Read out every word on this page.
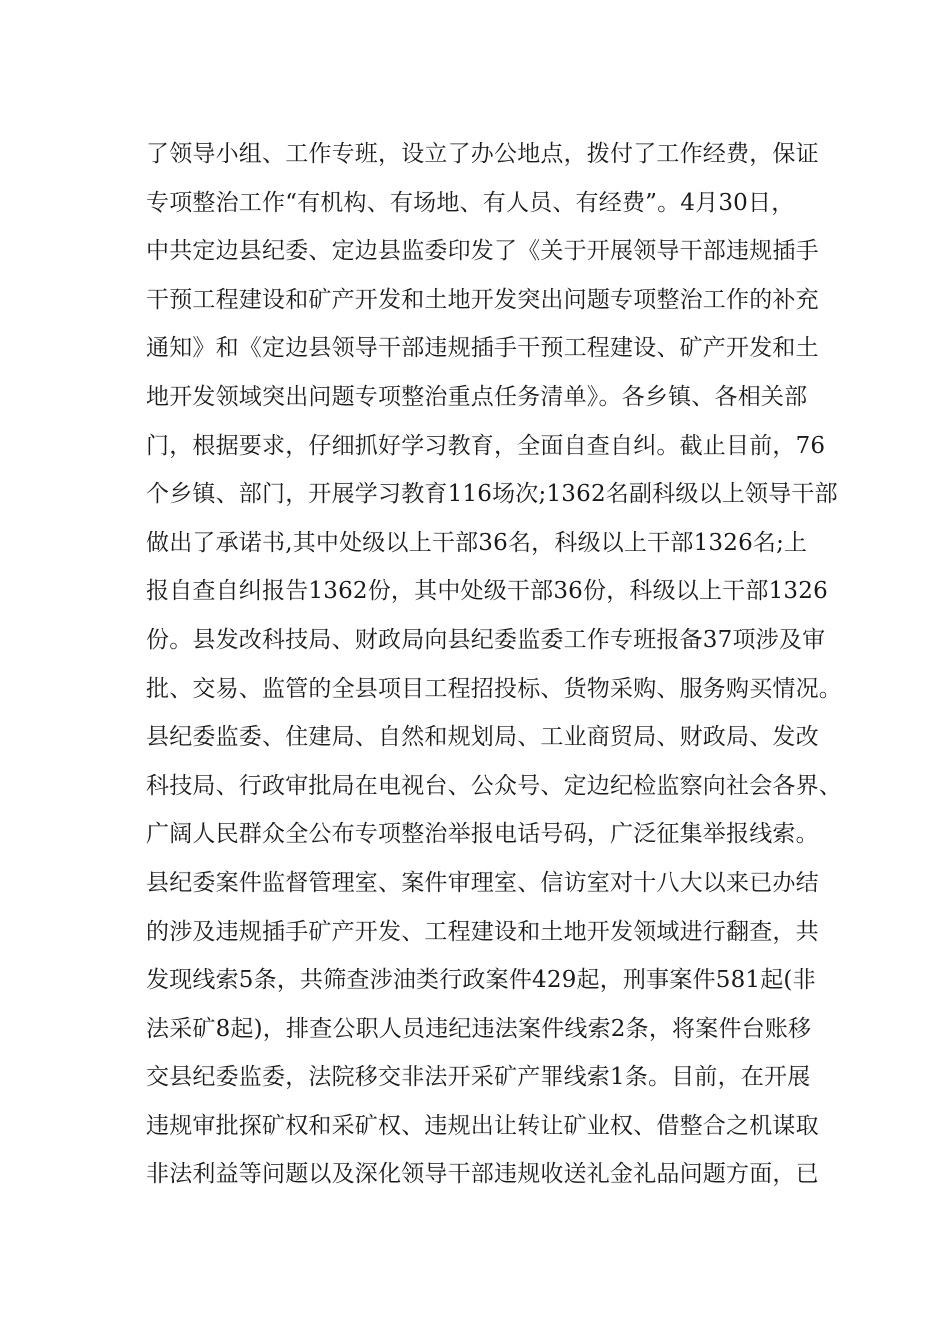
了领导小组、工作专班，设立了办公地点，拨付了工作经费，保证
专项整治工作“有机构、有场地、有人员、有经费”。4月30日，
中共定边县纪委、定边县监委印发了《关于开展领导干部违规插手
干预工程建设和矿产开发和土地开发突出问题专项整治工作的补充
通知》和《定边县领导干部违规插手干预工程建设、矿产开发和土
地开发领域突出问题专项整治重点任务清单》。各乡镇、各相关部
门，根据要求，仔细抓好学习教育，全面自查自纠。截止目前，76
个乡镇、部门，开展学习教育116场次;1362名副科级以上领导干部
做出了承诺书,其中处级以上干部36名，科级以上干部1326名;上
报自查自纠报告1362份，其中处级干部36份，科级以上干部1326
份。县发改科技局、财政局向县纪委监委工作专班报备37项涉及审
批、交易、监管的全县项目工程招投标、货物采购、服务购买情况。
县纪委监委、住建局、自然和规划局、工业商贸局、财政局、发改
科技局、行政审批局在电视台、公众号、定边纪检监察向社会各界、
广阔人民群众全公布专项整治举报电话号码，广泛征集举报线索。
县纪委案件监督管理室、案件审理室、信访室对十八大以来已办结
的涉及违规插手矿产开发、工程建设和土地开发领域进行翻查，共
发现线索5条，共筛查涉油类行政案件429起，刑事案件581起(非
法采矿8起)，排查公职人员违纪违法案件线索2条，将案件台账移
交县纪委监委，法院移交非法开采矿产罪线索1条。目前，在开展
违规审批探矿权和采矿权、违规出让转让矿业权、借整合之机谋取
非法利益等问题以及深化领导干部违规收送礼金礼品问题方面，已
